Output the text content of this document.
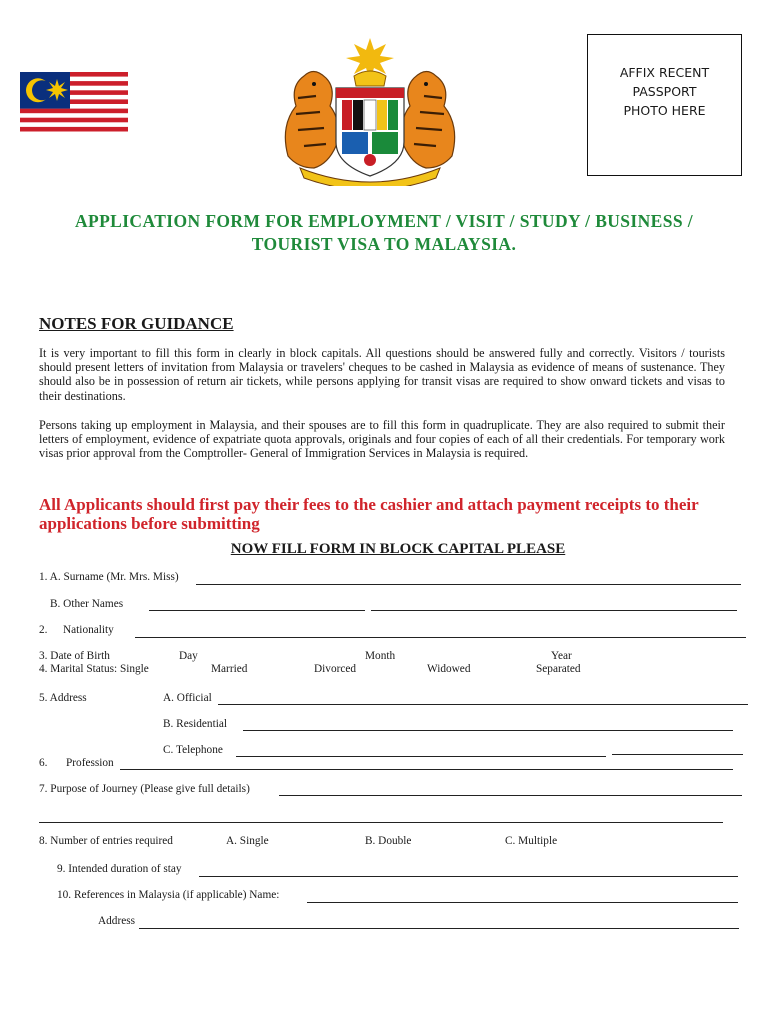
AFFIX RECENT
PASSPORT
PHOTO HERE
APPLICATION FORM FOR EMPLOYMENT / VISIT / STUDY / BUSINESS /
TOURIST VISA TO MALAYSIA.
NOTES FOR GUIDANCE
It is very important to fill this form in clearly in block capitals. All questions should be answered fully and correctly. Visitors / tourists should present letters of invitation from Malaysia or travelers' cheques to be cashed in Malaysia as evidence of means of sustenance. They should also be in possession of return air tickets, while persons applying for transit visas are required to show onward tickets and visas to their destinations.
Persons taking up employment in Malaysia, and their spouses are to fill this form in quadruplicate. They are also required to submit their letters of employment, evidence of expatriate quota approvals, originals and four copies of each of all their credentials. For temporary work visas prior approval from the Comptroller- General of Immigration Services in Malaysia is required.
All Applicants should first pay their fees to the cashier and attach payment receipts to their applications before submitting
NOW FILL FORM IN BLOCK CAPITAL PLEASE
1. A. Surname (Mr. Mrs. Miss)
B. Other Names
2. Nationality
3. Date of Birth	Day	Month	Year
4. Marital Status: Single	Married	Divorced	Widowed	Separated
5. Address	A. Official
B. Residential
C. Telephone
6. Profession
7. Purpose of Journey (Please give full details)
8. Number of entries required	A. Single	B. Double	C. Multiple
9. Intended duration of stay
10. References in Malaysia (if applicable) Name:
Address
